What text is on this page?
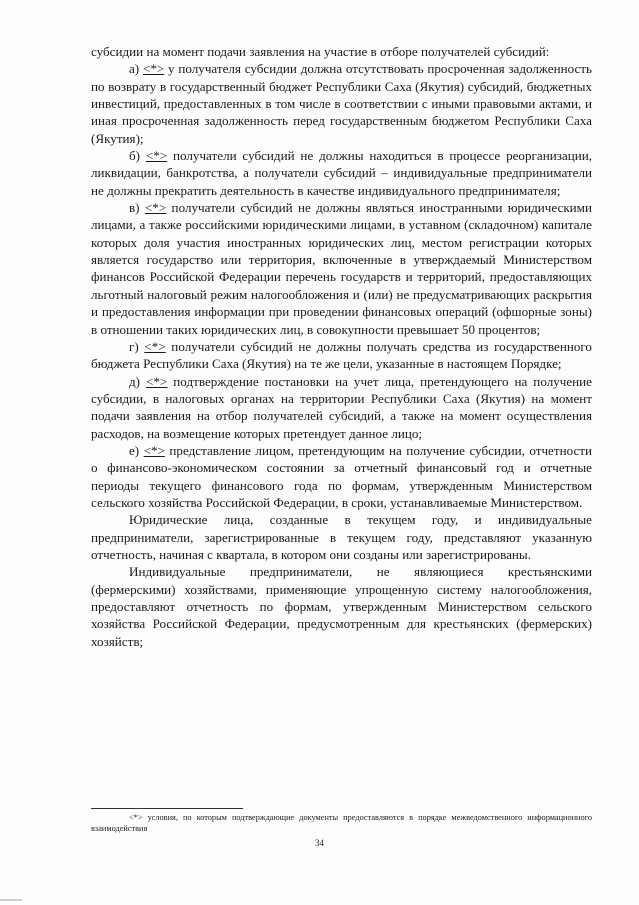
субсидии на момент подачи заявления на участие в отборе получателей субсидий:

а) <*> у получателя субсидии должна отсутствовать просроченная задолженность по возврату в государственный бюджет Республики Саха (Якутия) субсидий, бюджетных инвестиций, предоставленных в том числе в соответствии с иными правовыми актами, и иная просроченная задолженность перед государственным бюджетом Республики Саха (Якутия);

б) <*> получатели субсидий не должны находиться в процессе реорганизации, ликвидации, банкротства, а получатели субсидий – индивидуальные предприниматели не должны прекратить деятельность в качестве индивидуального предпринимателя;

в) <*> получатели субсидий не должны являться иностранными юридическими лицами, а также российскими юридическими лицами, в уставном (складочном) капитале которых доля участия иностранных юридических лиц, местом регистрации которых является государство или территория, включенные в утверждаемый Министерством финансов Российской Федерации перечень государств и территорий, предоставляющих льготный налоговый режим налогообложения и (или) не предусматривающих раскрытия и предоставления информации при проведении финансовых операций (офшорные зоны) в отношении таких юридических лиц, в совокупности превышает 50 процентов;

г) <*> получатели субсидий не должны получать средства из государственного бюджета Республики Саха (Якутия) на те же цели, указанные в настоящем Порядке;

д) <*> подтверждение постановки на учет лица, претендующего на получение субсидии, в налоговых органах на территории Республики Саха (Якутия) на момент подачи заявления на отбор получателей субсидий, а также на момент осуществления расходов, на возмещение которых претендует данное лицо;

е) <*> представление лицом, претендующим на получение субсидии, отчетности о финансово-экономическом состоянии за отчетный финансовый год и отчетные периоды текущего финансового года по формам, утвержденным Министерством сельского хозяйства Российской Федерации, в сроки, устанавливаемые Министерством.

Юридические лица, созданные в текущем году, и индивидуальные предприниматели, зарегистрированные в текущем году, представляют указанную отчетность, начиная с квартала, в котором они созданы или зарегистрированы.

Индивидуальные предприниматели, не являющиеся крестьянскими (фермерскими) хозяйствами, применяющие упрощенную систему налогообложения, предоставляют отчетность по формам, утвержденным Министерством сельского хозяйства Российской Федерации, предусмотренным для крестьянских (фермерских) хозяйств;

<*> условия, по которым подтверждающие документы предоставляются в порядке межведомственного информационного взаимодействия
34
